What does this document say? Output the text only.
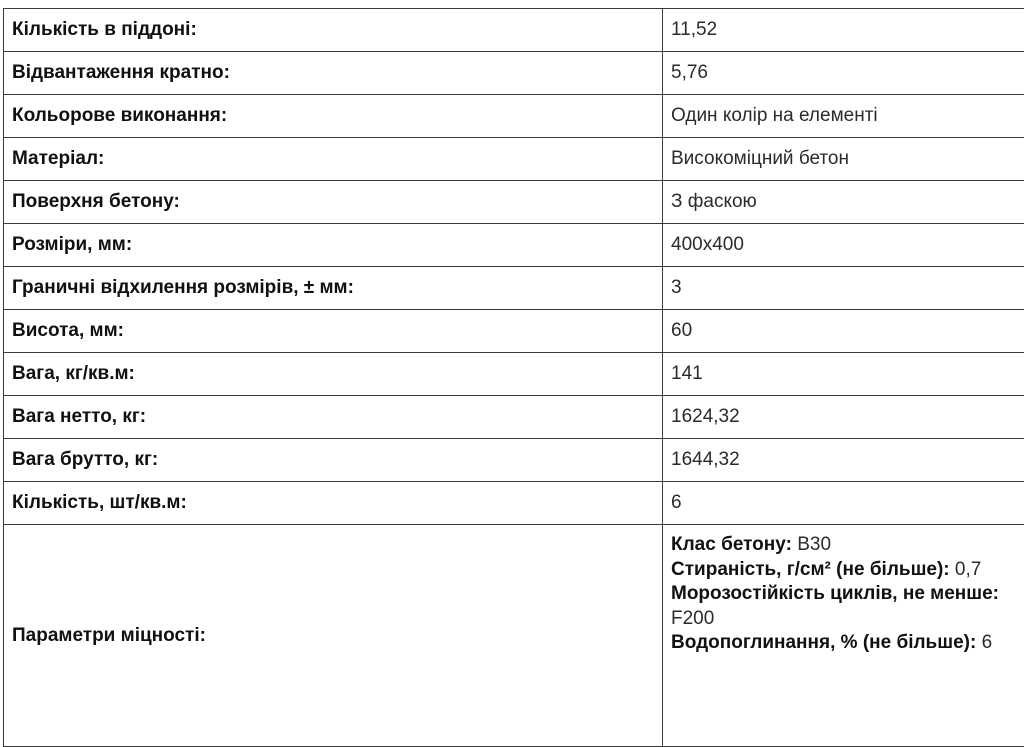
Кількість в піддоні:	11,52
Відвантаження кратно:	5,76
Кольорове виконання:	Один колір на елементі
Матеріал:	Високоміцний бетон
Поверхня бетону:	З фаскою
Розміри, мм:	400х400
Граничні відхилення розмірів, ± мм:	3
Висота, мм:	60
Вага, кг/кв.м:	141
Вага нетто, кг:	1624,32
Вага брутто, кг:	1644,32
Кількість, шт/кв.м:	6
Параметри міцності:	Клас бетону: В30
Стираність, г/см² (не більше): 0,7
Морозостійкість циклів, не менше: F200
Водопоглинання, % (не більше): 6
